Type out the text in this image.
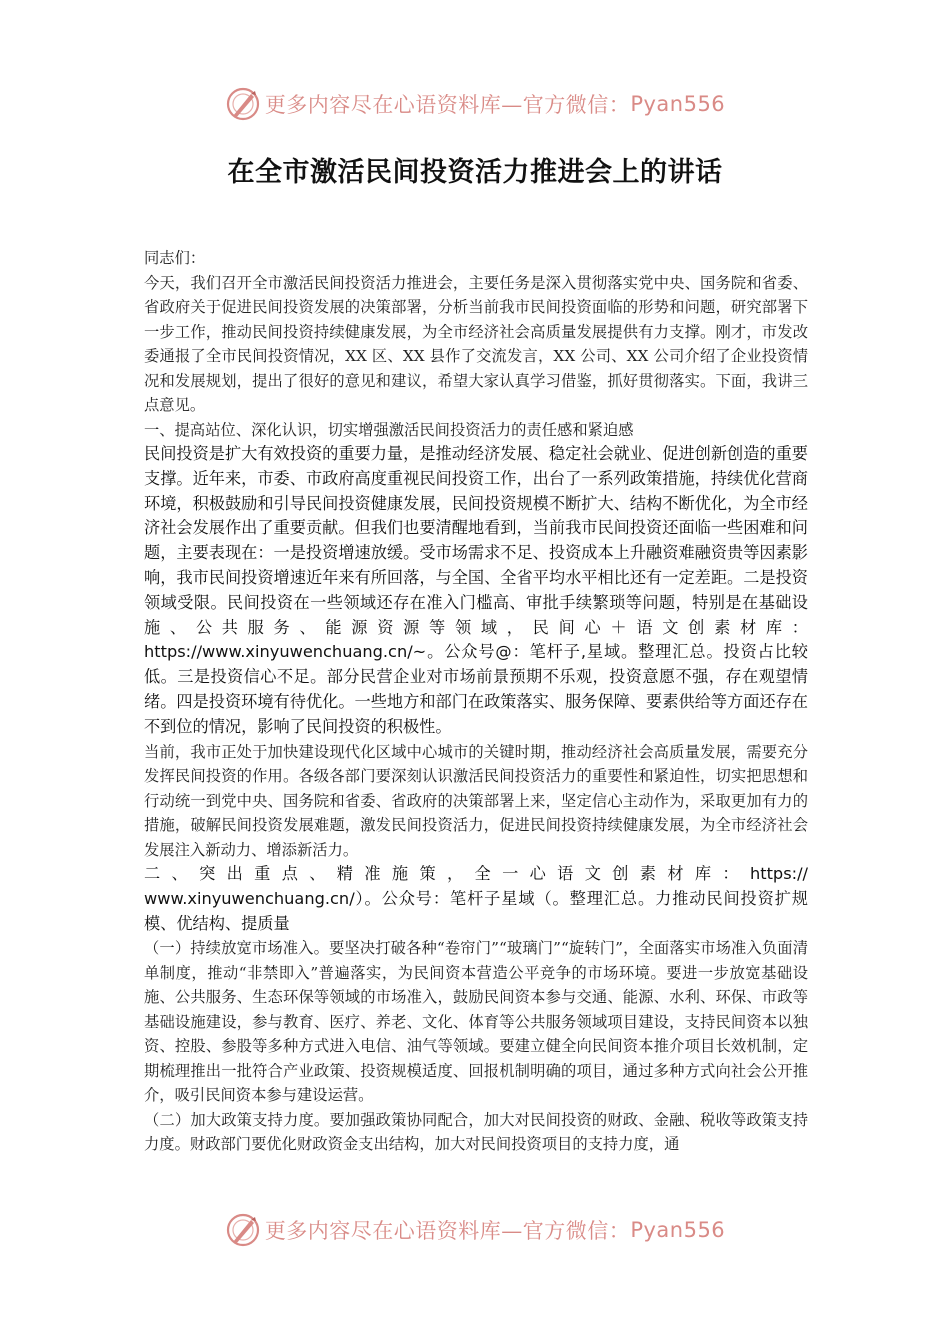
更多内容尽在心语资料库—官方微信： Pyan556
在全市激活民间投资活力推进会上的讲话

同志们：

今天，我们召开全市激活民间投资活力推进会，主要任务是深入贯彻落实党中央、国务院和省委、省政府关于促进民间投资发展的决策部署，分析当前我市民间投资面临的形势和问题，研究部署下一步工作，推动民间投资持续健康发展，为全市经济社会高质量发展提供有力支撑。刚才，市发改委通报了全市民间投资情况，XX 区、XX 县作了交流发言，XX 公司、XX 公司介绍了企业投资情况和发展规划，提出了很好的意见和建议，希望大家认真学习借鉴，抓好贯彻落实。下面，我讲三点意见。

一、提高站位、深化认识，切实增强激活民间投资活力的责任感和紧迫感

民间投资是扩大有效投资的重要力量，是推动经济发展、稳定社会就业、促进创新创造的重要支撑。近年来，市委、市政府高度重视民间投资工作，出台了一系列政策措施，持续优化营商环境，积极鼓励和引导民间投资健康发展，民间投资规模不断扩大、结构不断优化，为全市经济社会发展作出了重要贡献。但我们也要清醒地看到，当前我市民间投资还面临一些困难和问题，主要表现在：一是投资增速放缓。受市场需求不足、投资成本上升融资难融资贵等因素影响，我市民间投资增速近年来有所回落，与全国、全省平均水平相比还有一定差距。二是投资领域受限。民间投资在一些领域还存在准入门槛高、审批手续繁琐等问题，特别是在基础设施、公共服务、能源资源等领域，民间心＋语文创素材库：https://www.xinyuwenchuang.cn/~。公众号@：笔杆子,星域。整理汇总。投资占比较低。三是投资信心不足。部分民营企业对市场前景预期不乐观，投资意愿不强，存在观望情绪。四是投资环境有待优化。一些地方和部门在政策落实、服务保障、要素供给等方面还存在不到位的情况，影响了民间投资的积极性。

当前，我市正处于加快建设现代化区域中心城市的关键时期，推动经济社会高质量发展，需要充分发挥民间投资的作用。各级各部门要深刻认识激活民间投资活力的重要性和紧迫性，切实把思想和行动统一到党中央、国务院和省委、省政府的决策部署上来，坚定信心主动作为，采取更加有力的措施，破解民间投资发展难题，激发民间投资活力，促进民间投资持续健康发展，为全市经济社会发展注入新动力、增添新活力。

二、突出重点、精准施策，全一心语文创素材库：https://

www.xinyuwenchuang.cn/）。公众号：笔杆子星域（。整理汇总。力推动民间投资扩规模、优结构、提质量

（一）持续放宽市场准入。要坚决打破各种“卷帘门”“玻璃门”“旋转门”，全面落实市场准入负面清单制度，推动“非禁即入”普遍落实，为民间资本营造公平竞争的市场环境。要进一步放宽基础设施、公共服务、生态环保等领域的市场准入，鼓励民间资本参与交通、能源、水利、环保、市政等基础设施建设，参与教育、医疗、养老、文化、体育等公共服务领域项目建设，支持民间资本以独资、控股、参股等多种方式进入电信、油气等领域。要建立健全向民间资本推介项目长效机制，定期梳理推出一批符合产业政策、投资规模适度、回报机制明确的项目，通过多种方式向社会公开推介，吸引民间资本参与建设运营。

（二）加大政策支持力度。要加强政策协同配合，加大对民间投资的财政、金融、税收等政策支持力度。财政部门要优化财政资金支出结构，加大对民间投资项目的支持力度，通

更多内容尽在心语资料库—官方微信： Pyan556
